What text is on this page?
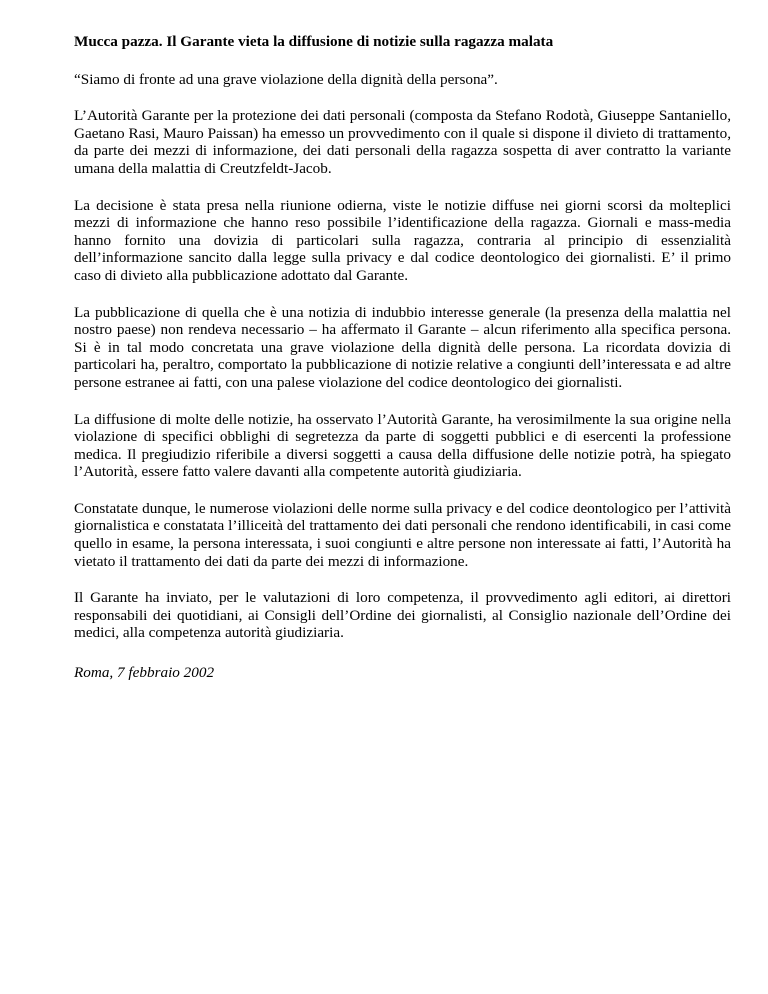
Mucca pazza. Il Garante vieta la diffusione di notizie sulla ragazza malata
“Siamo di fronte ad una grave violazione della dignità della persona”.
L’Autorità Garante per la protezione dei dati personali (composta da Stefano Rodotà, Giuseppe Santaniello, Gaetano Rasi, Mauro Paissan) ha emesso un provvedimento con il quale si dispone il divieto di trattamento, da parte dei mezzi di informazione, dei dati personali della ragazza sospetta di aver contratto la variante umana della malattia di Creutzfeldt-Jacob.
La decisione è stata presa nella riunione odierna, viste le notizie diffuse nei giorni scorsi da molteplici mezzi di informazione che hanno reso possibile l’identificazione della ragazza. Giornali e mass-media hanno fornito una dovizia di particolari sulla ragazza, contraria al principio di essenzialità dell’informazione sancito dalla legge sulla privacy e dal codice deontologico dei giornalisti. E’ il primo caso di divieto alla pubblicazione adottato dal Garante.
La pubblicazione di quella che è una notizia di indubbio interesse generale (la presenza della malattia nel nostro paese) non rendeva necessario – ha affermato il Garante – alcun riferimento alla specifica persona. Si è in tal modo concretata una grave violazione della dignità delle persona. La ricordata dovizia di particolari ha, peraltro, comportato la pubblicazione di notizie relative a congiunti dell’interessata e ad altre persone estranee ai fatti, con una palese violazione del codice deontologico dei giornalisti.
La diffusione di molte delle notizie, ha osservato l’Autorità Garante, ha verosimilmente la sua origine nella violazione di specifici obblighi di segretezza da parte di soggetti pubblici e di esercenti la professione medica. Il pregiudizio riferibile a diversi soggetti a causa della diffusione delle notizie potrà, ha spiegato l’Autorità, essere fatto valere davanti alla competente autorità giudiziaria.
Constatate dunque, le numerose violazioni delle norme sulla privacy e del codice deontologico per l’attività giornalistica e constatata l’illiceità del trattamento dei dati personali che rendono identificabili, in casi come quello in esame, la persona interessata, i suoi congiunti e altre persone non interessate ai fatti, l’Autorità ha vietato il trattamento dei dati da parte dei mezzi di informazione.
Il Garante ha inviato, per le valutazioni di loro competenza, il provvedimento agli editori, ai direttori responsabili dei quotidiani, ai Consigli dell’Ordine dei giornalisti, al Consiglio nazionale dell’Ordine dei medici, alla competenza autorità giudiziaria.
Roma, 7 febbraio 2002
